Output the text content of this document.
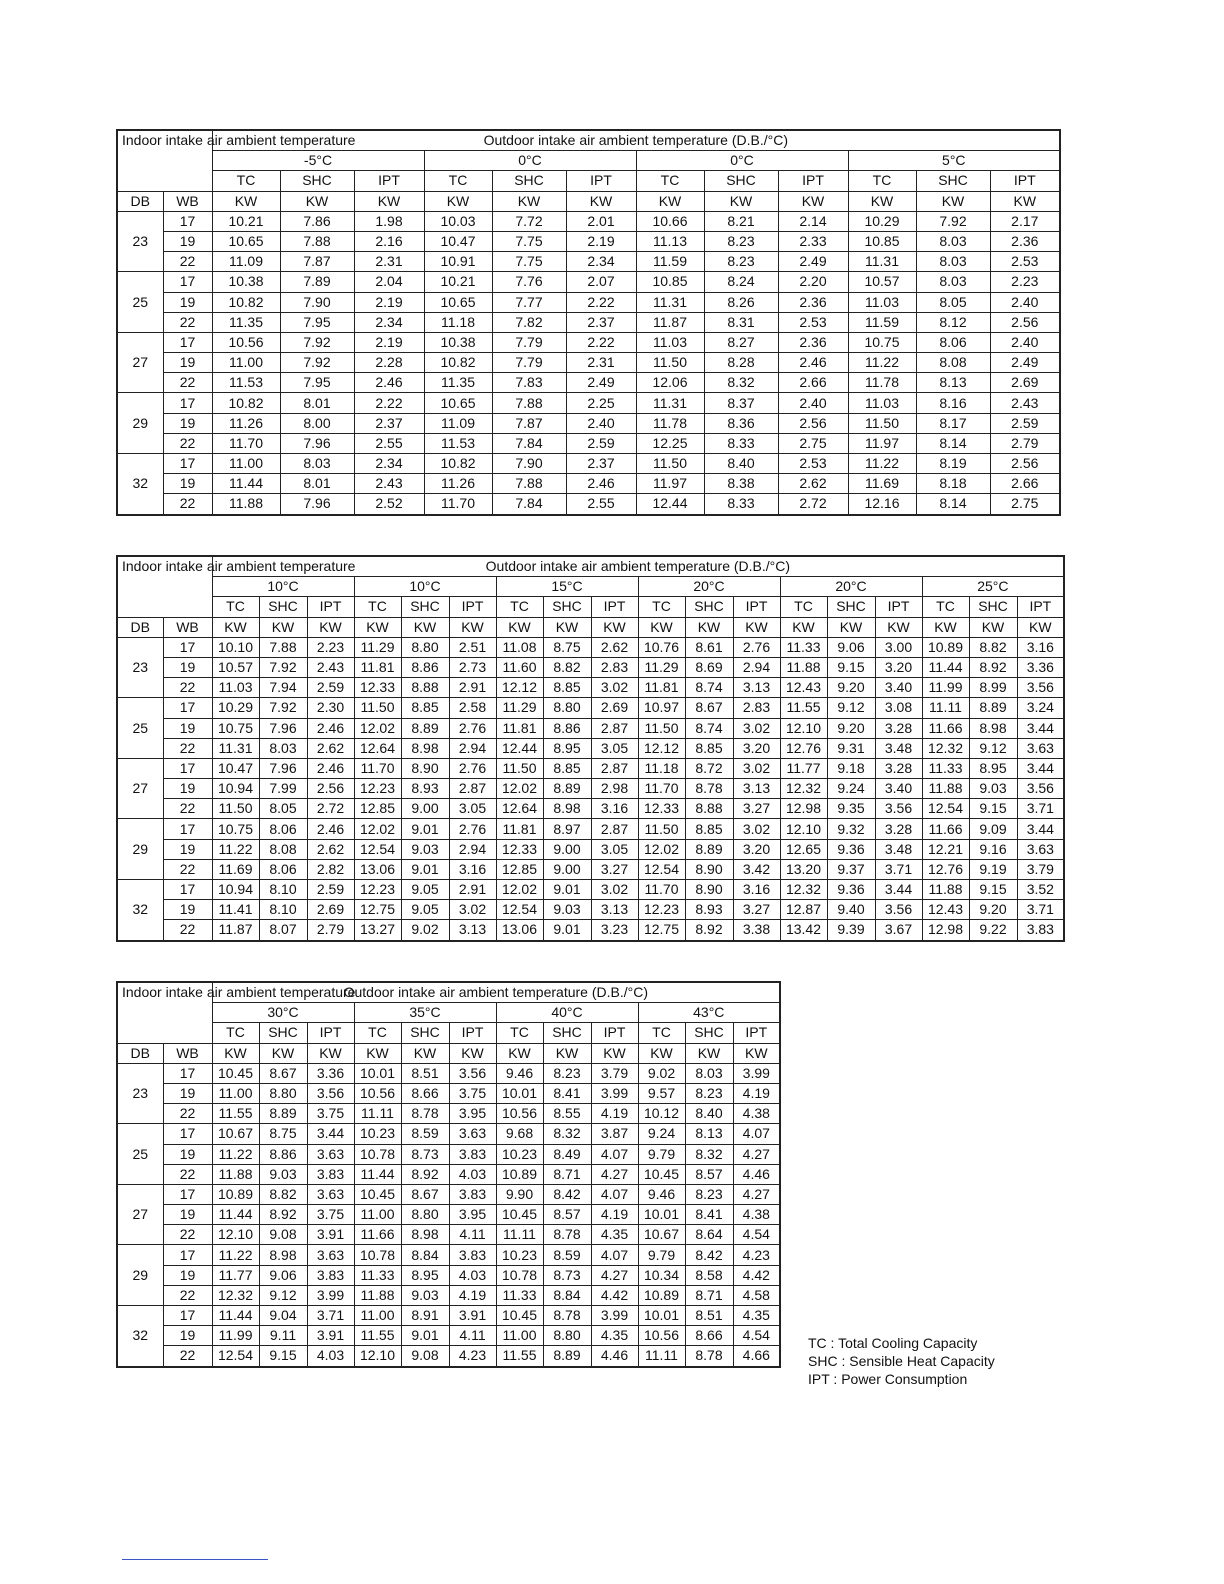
Indoor intake air ambient temperature		Outdoor intake air ambient temperature (D.B./°C)											
		-5°C			0°C			0°C			5°C		
		TC	SHC	IPT	TC	SHC	IPT	TC	SHC	IPT	TC	SHC	IPT
DB	WB	KW	KW	KW	KW	KW	KW	KW	KW	KW	KW	KW	KW
23	17	10.21	7.86	1.98	10.03	7.72	2.01	10.66	8.21	2.14	10.29	7.92	2.17
	19	10.65	7.88	2.16	10.47	7.75	2.19	11.13	8.23	2.33	10.85	8.03	2.36
	22	11.09	7.87	2.31	10.91	7.75	2.34	11.59	8.23	2.49	11.31	8.03	2.53
25	17	10.38	7.89	2.04	10.21	7.76	2.07	10.85	8.24	2.20	10.57	8.03	2.23
	19	10.82	7.90	2.19	10.65	7.77	2.22	11.31	8.26	2.36	11.03	8.05	2.40
	22	11.35	7.95	2.34	11.18	7.82	2.37	11.87	8.31	2.53	11.59	8.12	2.56
27	17	10.56	7.92	2.19	10.38	7.79	2.22	11.03	8.27	2.36	10.75	8.06	2.40
	19	11.00	7.92	2.28	10.82	7.79	2.31	11.50	8.28	2.46	11.22	8.08	2.49
	22	11.53	7.95	2.46	11.35	7.83	2.49	12.06	8.32	2.66	11.78	8.13	2.69
29	17	10.82	8.01	2.22	10.65	7.88	2.25	11.31	8.37	2.40	11.03	8.16	2.43
	19	11.26	8.00	2.37	11.09	7.87	2.40	11.78	8.36	2.56	11.50	8.17	2.59
	22	11.70	7.96	2.55	11.53	7.84	2.59	12.25	8.33	2.75	11.97	8.14	2.79
32	17	11.00	8.03	2.34	10.82	7.90	2.37	11.50	8.40	2.53	11.22	8.19	2.56
	19	11.44	8.01	2.43	11.26	7.88	2.46	11.97	8.38	2.62	11.69	8.18	2.66
	22	11.88	7.96	2.52	11.70	7.84	2.55	12.44	8.33	2.72	12.16	8.14	2.75
Indoor intake air ambient temperature		Outdoor intake air ambient temperature (D.B./°C)																	
		10°C			10°C			15°C			20°C			20°C			25°C		
		TC	SHC	IPT	TC	SHC	IPT	TC	SHC	IPT	TC	SHC	IPT	TC	SHC	IPT	TC	SHC	IPT
DB	WB	KW	KW	KW	KW	KW	KW	KW	KW	KW	KW	KW	KW	KW	KW	KW	KW	KW	KW
23	17	10.10	7.88	2.23	11.29	8.80	2.51	11.08	8.75	2.62	10.76	8.61	2.76	11.33	9.06	3.00	10.89	8.82	3.16
	19	10.57	7.92	2.43	11.81	8.86	2.73	11.60	8.82	2.83	11.29	8.69	2.94	11.88	9.15	3.20	11.44	8.92	3.36
	22	11.03	7.94	2.59	12.33	8.88	2.91	12.12	8.85	3.02	11.81	8.74	3.13	12.43	9.20	3.40	11.99	8.99	3.56
25	17	10.29	7.92	2.30	11.50	8.85	2.58	11.29	8.80	2.69	10.97	8.67	2.83	11.55	9.12	3.08	11.11	8.89	3.24
	19	10.75	7.96	2.46	12.02	8.89	2.76	11.81	8.86	2.87	11.50	8.74	3.02	12.10	9.20	3.28	11.66	8.98	3.44
	22	11.31	8.03	2.62	12.64	8.98	2.94	12.44	8.95	3.05	12.12	8.85	3.20	12.76	9.31	3.48	12.32	9.12	3.63
27	17	10.47	7.96	2.46	11.70	8.90	2.76	11.50	8.85	2.87	11.18	8.72	3.02	11.77	9.18	3.28	11.33	8.95	3.44
	19	10.94	7.99	2.56	12.23	8.93	2.87	12.02	8.89	2.98	11.70	8.78	3.13	12.32	9.24	3.40	11.88	9.03	3.56
	22	11.50	8.05	2.72	12.85	9.00	3.05	12.64	8.98	3.16	12.33	8.88	3.27	12.98	9.35	3.56	12.54	9.15	3.71
29	17	10.75	8.06	2.46	12.02	9.01	2.76	11.81	8.97	2.87	11.50	8.85	3.02	12.10	9.32	3.28	11.66	9.09	3.44
	19	11.22	8.08	2.62	12.54	9.03	2.94	12.33	9.00	3.05	12.02	8.89	3.20	12.65	9.36	3.48	12.21	9.16	3.63
	22	11.69	8.06	2.82	13.06	9.01	3.16	12.85	9.00	3.27	12.54	8.90	3.42	13.20	9.37	3.71	12.76	9.19	3.79
32	17	10.94	8.10	2.59	12.23	9.05	2.91	12.02	9.01	3.02	11.70	8.90	3.16	12.32	9.36	3.44	11.88	9.15	3.52
	19	11.41	8.10	2.69	12.75	9.05	3.02	12.54	9.03	3.13	12.23	8.93	3.27	12.87	9.40	3.56	12.43	9.20	3.71
	22	11.87	8.07	2.79	13.27	9.02	3.13	13.06	9.01	3.23	12.75	8.92	3.38	13.42	9.39	3.67	12.98	9.22	3.83
Indoor intake air ambient temperature		Outdoor intake air ambient temperature (D.B./°C)											
		30°C			35°C			40°C			43°C		
		TC	SHC	IPT	TC	SHC	IPT	TC	SHC	IPT	TC	SHC	IPT
DB	WB	KW	KW	KW	KW	KW	KW	KW	KW	KW	KW	KW	KW
23	17	10.45	8.67	3.36	10.01	8.51	3.56	9.46	8.23	3.79	9.02	8.03	3.99
	19	11.00	8.80	3.56	10.56	8.66	3.75	10.01	8.41	3.99	9.57	8.23	4.19
	22	11.55	8.89	3.75	11.11	8.78	3.95	10.56	8.55	4.19	10.12	8.40	4.38
25	17	10.67	8.75	3.44	10.23	8.59	3.63	9.68	8.32	3.87	9.24	8.13	4.07
	19	11.22	8.86	3.63	10.78	8.73	3.83	10.23	8.49	4.07	9.79	8.32	4.27
	22	11.88	9.03	3.83	11.44	8.92	4.03	10.89	8.71	4.27	10.45	8.57	4.46
27	17	10.89	8.82	3.63	10.45	8.67	3.83	9.90	8.42	4.07	9.46	8.23	4.27
	19	11.44	8.92	3.75	11.00	8.80	3.95	10.45	8.57	4.19	10.01	8.41	4.38
	22	12.10	9.08	3.91	11.66	8.98	4.11	11.11	8.78	4.35	10.67	8.64	4.54
29	17	11.22	8.98	3.63	10.78	8.84	3.83	10.23	8.59	4.07	9.79	8.42	4.23
	19	11.77	9.06	3.83	11.33	8.95	4.03	10.78	8.73	4.27	10.34	8.58	4.42
	22	12.32	9.12	3.99	11.88	9.03	4.19	11.33	8.84	4.42	10.89	8.71	4.58
32	17	11.44	9.04	3.71	11.00	8.91	3.91	10.45	8.78	3.99	10.01	8.51	4.35
	19	11.99	9.11	3.91	11.55	9.01	4.11	11.00	8.80	4.35	10.56	8.66	4.54
	22	12.54	9.15	4.03	12.10	9.08	4.23	11.55	8.89	4.46	11.11	8.78	4.66
TC : Total Cooling Capacity
SHC : Sensible Heat Capacity
IPT : Power Consumption
